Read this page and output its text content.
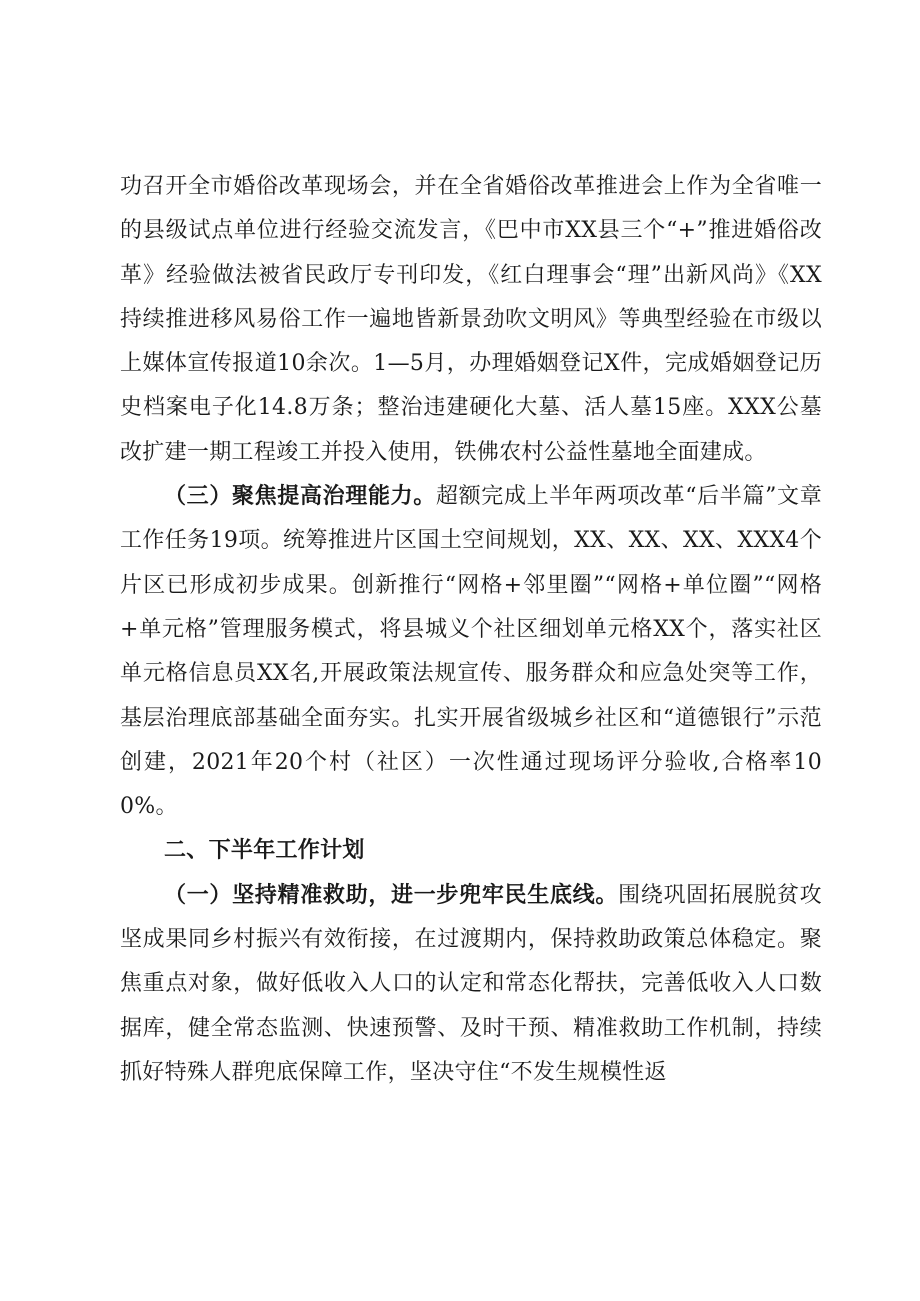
功召开全市婚俗改革现场会，并在全省婚俗改革推进会上作为全省唯一的县级试点单位进行经验交流发言，《巴中市XX县三个“+”推进婚俗改革》经验做法被省民政厅专刊印发，《红白理事会“理”出新风尚》《XX持续推进移风易俗工作一遍地皆新景劲吹文明风》等典型经验在市级以上媒体宣传报道10余次。1—5月，办理婚姻登记X件，完成婚姻登记历史档案电子化14.8万条；整治违建硬化大墓、活人墓15座。XXX公墓改扩建一期工程竣工并投入使用，铁佛农村公益性墓地全面建成。

（三）聚焦提高治理能力。超额完成上半年两项改革“后半篇”文章工作任务19项。统筹推进片区国土空间规划，XX、XX、XX、XXX4个片区已形成初步成果。创新推行“网格+邻里圈”“网格+单位圈”“网格+单元格”管理服务模式，将县城义个社区细划单元格XX个，落实社区单元格信息员XX名,开展政策法规宣传、服务群众和应急处突等工作，基层治理底部基础全面夯实。扎实开展省级城乡社区和“道德银行”示范创建，2021年20个村（社区）一次性通过现场评分验收,合格率100%。

二、下半年工作计划

（一）坚持精准救助，进一步兜牢民生底线。围绕巩固拓展脱贫攻坚成果同乡村振兴有效衔接，在过渡期内，保持救助政策总体稳定。聚焦重点对象，做好低收入人口的认定和常态化帮扶，完善低收入人口数据库，健全常态监测、快速预警、及时干预、精准救助工作机制，持续抓好特殊人群兜底保障工作，坚决守住“不发生规模性返
